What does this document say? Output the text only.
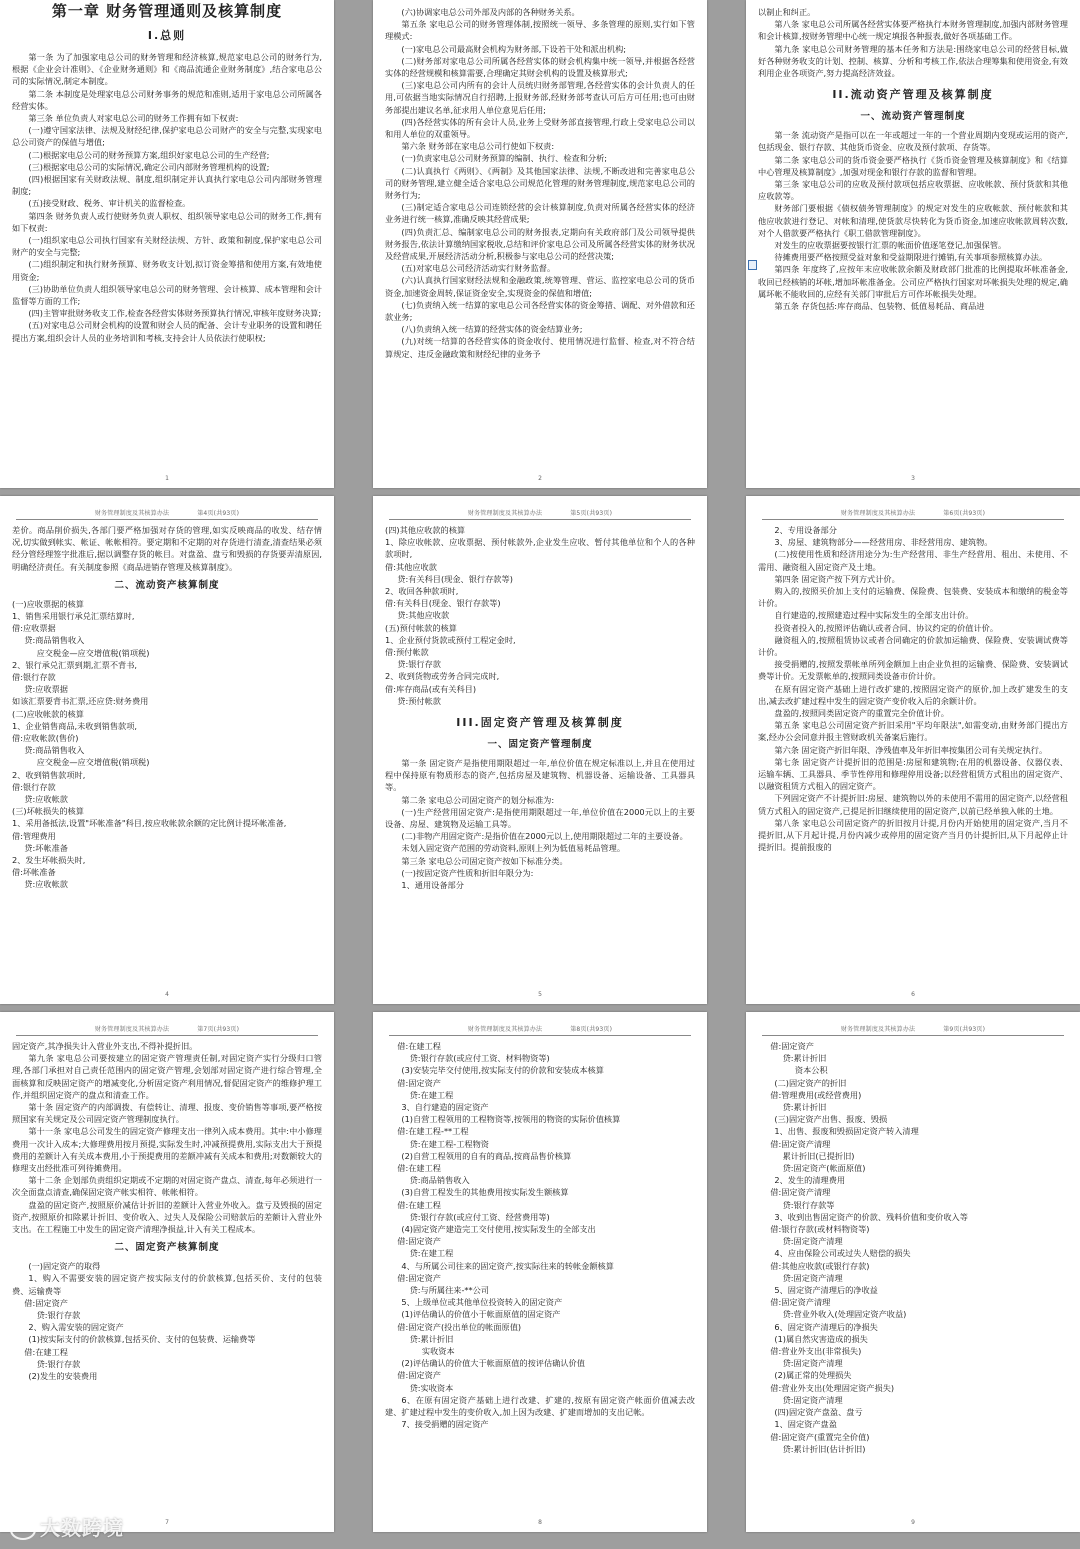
第一章 财务管理通则及核算制度
I.总则

第一条 为了加强家电总公司的财务管理和经济核算,规范家电总公司的财务行为,根据《企业会计准则》、《企业财务通则》和《商品流通企业财务制度》,结合家电总公司的实际情况,制定本制度。

第二条 本制度是处理家电总公司财务事务的规范和准则,适用于家电总公司所属各经营实体。

第三条 单位负责人对家电总公司的财务工作拥有如下权责:

(一)遵守国家法律、法规及财经纪律,保护家电总公司财产的安全与完整,实现家电总公司资产的保值与增值;

(二)根据家电总公司的财务预算方案,组织好家电总公司的生产经营;

(三)根据家电总公司的实际情况,确定公司内部财务管理机构的设置;

(四)根据国家有关财政法规、制度,组织制定并认真执行家电总公司内部财务管理制度;

(五)接受财政、税务、审计机关的监督检查。

第四条 财务负责人或行使财务负责人职权、组织领导家电总公司的财务工作,拥有如下权责:

(一)组织家电总公司执行国家有关财经法规、方针、政策和制度,保护家电总公司财产的安全与完整;

(二)组织制定和执行财务预算、财务收支计划,拟订资金筹措和使用方案,有效地使用资金;

(三)协助单位负责人组织领导家电总公司的财务管理、会计核算、成本管理和会计监督等方面的工作;

(四)主管审批财务收支工作,检查各经营实体财务预算执行情况,审核年度财务决算;

(五)对家电总公司财会机构的设置和财会人员的配备、会计专业职务的设置和聘任提出方案,组织会计人员的业务培训和考核,支持会计人员依法行使职权;

1

(六)协调家电总公司外部及内部的各种财务关系。

第五条 家电总公司的财务管理体制,按照统一领导、多条管理的原则,实行如下管理模式:

(一)家电总公司最高财会机构为财务部,下设若干处和派出机构;

(二)财务部对家电总公司所属各经营实体的财会机构集中统一领导,并根据各经营实体的经营规模和核算需要,合理确定其财会机构的设置及核算形式;

(三)家电总公司内所有的会计人员统归财务部管理,各经营实体的会计负责人的任用,可依据当地实际情况自行招聘,上报财务部,经财务部考查认可后方可任用;也可由财务部提出建议名单,征求用人单位意见后任用;

(四)各经营实体的所有会计人员,业务上受财务部直接管理,行政上受家电总公司以和用人单位的双重领导。

第六条 财务部在家电总公司行使如下权责:

(一)负责家电总公司财务预算的编制、执行、检查和分析;

(二)认真执行《两则》、《两制》及其他国家法律、法规,不断改进和完善家电总公司的财务管理,建立健全适合家电总公司规范化管理的财务管理制度,规范家电总公司的财务行为;

(三)制定适合家电总公司连锁经营的会计核算制度,负责对所属各经营实体的经济业务进行统一核算,准确反映其经营成果;

(四)负责汇总、编制家电总公司的财务报表,定期向有关政府部门及公司领导提供财务报告,依法计算缴纳国家税收,总结和评价家电总公司及所属各经营实体的财务状况及经营成果,开展经济活动分析,积极参与家电总公司的经营决策;

(五)对家电总公司经济活动实行财务监督。

(六)认真执行国家财经法规和金融政策,统筹管理、营运、监控家电总公司的货币资金,加速资金周转,保证资金安全,实现资金的保值和增值;

(七)负责纳入统一结算的家电总公司各经营实体的资金筹措、调配、对外借款和还款业务;

(八)负责纳入统一结算的经营实体的资金结算业务;

(九)对统一结算的各经营实体的资金收付、使用情况进行监督、检查,对不符合结算规定、违反金融政策和财经纪律的业务予

2

以制止和纠正。

第八条 家电总公司所属各经营实体要严格执行本财务管理制度,加强内部财务管理和会计核算,按财务管理中心统一规定填报各种报表,做好各项基础工作。

第九条 家电总公司财务管理的基本任务和方法是:围绕家电总公司的经营目标,做好各种财务收支的计划、控制、核算、分析和考核工作,依法合理筹集和使用资金,有效利用企业各项资产,努力提高经济效益。

II.流动资产管理及核算制度
一、流动资产管理制度

第一条 流动资产是指可以在一年或超过一年的一个营业周期内变现或运用的资产,包括现金、银行存款、其他货币资金、应收及预付款项、存货等。

第二条 家电总公司的货币资金要严格执行《货币资金管理及核算制度》和《结算中心管理及核算制度》,加强对现金和银行存款的监督和管理。

第三条 家电总公司的应收及预付款项包括应收票据、应收帐款、预付货款和其他应收款等。

财务部门要根据《债权债务管理制度》的规定对发生的应收帐款、预付帐款和其他应收款进行登记、对帐和清理,使货款尽快转化为货币资金,加速应收帐款周转次数,对个人借款要严格执行《职工借款管理制度》。

对发生的应收票据要按银行汇票的帐面价值逐笔登记,加强保管。

待摊费用要严格按照受益对象和受益期限进行摊销,有关事项参照核算办法。

第四条 年度终了,应按年末应收帐款余额及财政部门批准的比例提取坏帐准备金,收回已经核销的坏帐,增加坏帐准备金。公司应严格执行国家对坏帐损失处理的规定,确属坏帐不能收回的,应经有关部门审批后方可作坏帐损失处理。

第五条 存货包括:库存商品、包装物、低值易耗品、商品进

3
财务管理制度及其核算办法	第4页(共93页)

差价。商品削价损失,各部门要严格加强对存货的管理,如实反映商品的收发、结存情况,切实做到帐实、帐证、帐帐相符。要定期和不定期的对存货进行清查,清查结果必须经分管经理签字批准后,据以调整存货的帐目。对盘盈、盘亏和毁损的存货要弄清原因,明确经济责任。有关制度参照《商品进销存管理及核算制度》。

二、流动资产核算制度

(一)应收票据的核算

1、销售采用银行承兑汇票结算时,

借:应收票据

贷:商品销售收入

应交税金—应交增值税(销项税)

2、银行承兑汇票到期,汇票不背书,

借:银行存款

贷:应收票据

如该汇票要背书汇票,还应贷:财务费用

(二)应收帐款的核算

1、企业销售商品,未收到销售款项,

借:应收帐款(售价)

贷:商品销售收入

应交税金—应交增值税(销项税)

2、收到销售款项时,

借:银行存款

贷:应收帐款

(三)坏帐损失的核算

1、采用备抵法,设置"坏帐准备"科目,按应收帐款余额的定比例计提坏帐准备,

借:管理费用

贷:坏帐准备

2、发生坏帐损失时,

借:坏帐准备

贷:应收帐款

4
财务管理制度及其核算办法	第5页(共93页)

(四)其他应收款的核算

1、除应收帐款、应收票据、预付帐款外,企业发生应收、暂付其他单位和个人的各种款项时,

借:其他应收款

贷:有关科目(现金、银行存款等)

2、收回各种款项时,

借:有关科目(现金、银行存款等)

贷:其他应收款

(五)预付帐款的核算

1、企业预付货款或预付工程定金时,

借:预付帐款

贷:银行存款

2、收到货物或劳务合同完成时,

借:库存商品(或有关科目)

贷:预付帐款

III.固定资产管理及核算制度
一、固定资产管理制度

第一条 固定资产是指使用期限超过一年,单位价值在规定标准以上,并且在使用过程中保持原有物质形态的资产,包括房屋及建筑物、机器设备、运输设备、工具器具等。

第二条 家电总公司固定资产的划分标准为:

(一)生产经营用固定资产:是指使用期限超过一年,单位价值在2000元以上的主要设备、房屋、建筑物及运输工具等。

(二)非物产用固定资产:是指价值在2000元以上,使用期限超过二年的主要设备。

未划入固定资产范围的劳动资料,原则上列为低值易耗品管理。

第三条 家电总公司固定资产按如下标准分类。

(一)按固定资产性质和折旧年限分为:

1、通用设备部分

5
财务管理制度及其核算办法	第6页(共93页)

2、专用设备部分

3、房屋、建筑物部分——经营用房、非经营用房、建筑物。

(二)按使用性质和经济用途分为:生产经营用、非生产经营用、租出、未使用、不需用、融资租入固定资产及土地。

第四条 固定资产按下列方式计价。

购入的,按照买价加上支付的运输费、保险费、包装费、安装成本和缴纳的税金等计价。

自行建造的,按照建造过程中实际发生的全部支出计价。

投资者投入的,按照评估确认或者合同、协议约定的价值计价。

融资租入的,按照租赁协议或者合同确定的价款加运输费、保险费、安装调试费等计价。

接受捐赠的,按照发票帐单所列金额加上由企业负担的运输费、保险费、安装调试费等计价。无发票帐单的,按照同类设备市价计价。

在原有固定资产基础上进行改扩建的,按照固定资产的原价,加上改扩建发生的支出,减去改扩建过程中发生的固定资产变价收入后的余额计价。

盘盈的,按照同类固定资产的重置完全价值计价。

第五条 家电总公司固定资产折旧采用"平均年限法",如需变动,由财务部门提出方案,经办公会同意并报主管财政机关备案后施行。

第六条 固定资产折旧年限、净残值率及年折旧率按集团公司有关规定执行。

第七条 固定资产计提折旧的范围是:房屋和建筑物;在用的机器设备、仪器仪表、运输车辆、工具器具、季节性停用和修理停用设备;以经营租赁方式租出的固定资产、以融资租赁方式租入的固定资产。

下列固定资产不计提折旧:房屋、建筑物以外的未使用不需用的固定资产,以经营租赁方式租入的固定资产,已提足折旧继续使用的固定资产,以前已经单独入帐的土地。

第八条 家电总公司固定资产的折旧按月计提,月份内开始使用的固定资产,当月不提折旧,从下月起计提,月份内减少或停用的固定资产当月仍计提折旧,从下月起停止计提折旧。提前报废的

6
财务管理制度及其核算办法	第7页(共93页)

固定资产,其净损失计入营业外支出,不得补提折旧。

第九条 家电总公司要按建立的固定资产管理责任制,对固定资产实行分级归口管理,各部门承担对自己责任范围内的固定资产管理,会划部对固定资产进行综合管理,全面核算和反映固定资产的增减变化,分析固定资产利用情况,督促固定资产的维修护理工作,并组织固定资产的盘点和清查工作。

第十条 固定资产的内部调拨、有偿转让、清理、报废、变价销售等事项,要严格按照国家有关规定及公司固定资产管理制度执行。

第十一条 家电总公司发生的固定资产修理支出一律列入成本费用。其中:中小修理费用一次计入成本;大修理费用按月预提,实际发生时,冲减预提费用,实际支出大于预提费用的差额计入有关成本费用,小于预提费用的差额冲减有关成本和费用;对数额较大的修理支出经批准可列待摊费用。

第十二条 企划部负责组织定期或不定期的对固定资产盘点、清查,每年必须进行一次全面盘点清查,确保固定资产帐实相符、帐帐相符。

盘盈的固定资产,按照原价减估计折旧的差额计入营业外收入。盘亏及毁损的固定资产,按照原价扣除累计折旧、变价收入、过失人及保险公司赔款后的差额计入营业外支出。在工程施工中发生的固定资产清理净损益,计入有关工程成本。

二、固定资产核算制度

(一)固定资产的取得

1、购入不需要安装的固定资产按实际支付的价款核算,包括买价、支付的包装费、运输费等

借:固定资产

贷:银行存款

2、购入需安装的固定资产

(1)按实际支付的价款核算,包括买价、支付的包装费、运输费等

借:在建工程

贷:银行存款

(2)发生的安装费用

7
财务管理制度及其核算办法	第8页(共93页)

借:在建工程

贷:银行存款(或应付工资、材料物资等)

(3)安装完毕交付使用,按实际支付的价款和安装成本核算

借:固定资产

贷:在建工程

3、自行建造的固定资产

(1)自营工程领用的工程物资等,按领用的物资的实际价值核算

借:在建工程-**工程

贷:在建工程-工程物资

(2)自营工程领用的自有的商品,按商品售价核算

借:在建工程

贷:商品销售收入

(3)自营工程发生的其他费用按实际发生额核算

借:在建工程

贷:银行存款(或应付工资、经营费用等)

(4)固定资产建造完工交付使用,按实际发生的全部支出

借:固定资产

贷:在建工程

4、与所属公司往来的固定资产,按实际往来的转帐金额核算

借:固定资产

贷:与所属往来-**公司

5、上级单位或其他单位投资转入的固定资产

(1)评估确认的价值小于帐面原值的固定资产

借:固定资产(投出单位的帐面原值)

贷:累计折旧

实收资本

(2)评估确认的价值大于帐面原值的按评估确认价值

借:固定资产

贷:实收资本

6、在原有固定资产基础上进行改建、扩建的,按原有固定资产帐面价值减去改建、扩建过程中发生的变价收入,加上因为改建、扩建而增加的支出记帐。

7、接受捐赠的固定资产

8
财务管理制度及其核算办法	第9页(共93页)

借:固定资产

贷:累计折旧

资本公积

(二)固定资产的折旧

借:管理费用(或经营费用)

贷:累计折旧

(三)固定资产出售、报废、毁损

1、出售、报废和毁损固定资产转入清理

借:固定资产清理

累计折旧(已提折旧)

贷:固定资产(帐面原值)

2、发生的清理费用

借:固定资产清理

贷:银行存款等

3、收到出售固定资产的价款、残料价值和变价收入等

借:银行存款(或材料物资等)

贷:固定资产清理

4、应由保险公司或过失人赔偿的损失

借:其他应收款(或银行存款)

贷:固定资产清理

5、固定资产清理后的净收益

借:固定资产清理

贷:营业外收入(处理固定资产收益)

6、固定资产清理后的净损失

(1)属自然灾害造成的损失

借:营业外支出(非常损失)

贷:固定资产清理

(2)属正常的处理损失

借:营业外支出(处理固定资产损失)

贷:固定资产清理

(四)固定资产盘盈、盘亏

1、固定资产盘盈

借:固定资产(重置完全价值)

贷:累计折旧(估计折旧)

9
大数跨境
